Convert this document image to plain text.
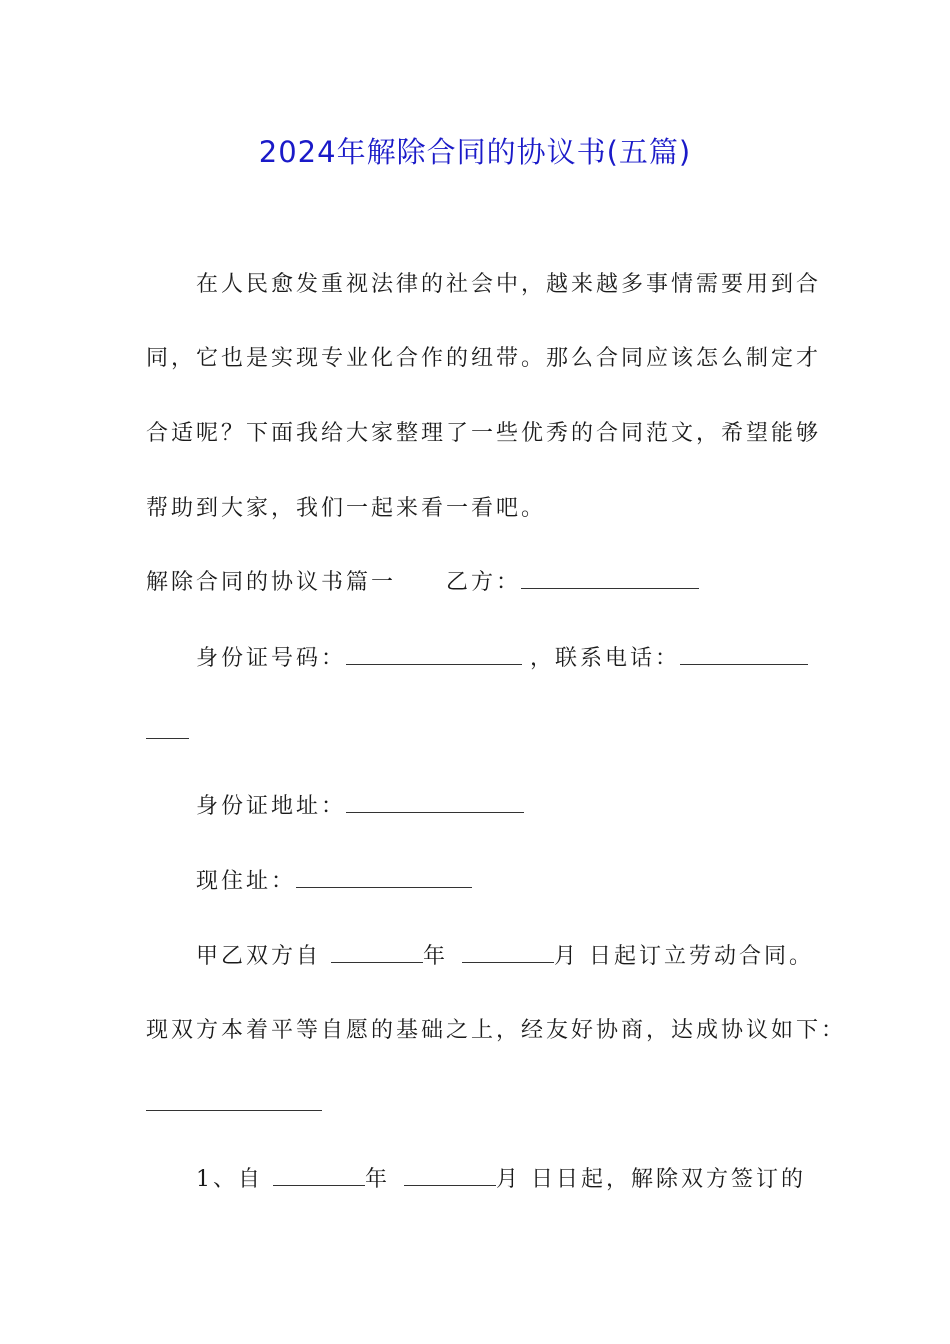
2024年解除合同的协议书(五篇)
在人民愈发重视法律的社会中，越来越多事情需要用到合
同，它也是实现专业化合作的纽带。那么合同应该怎么制定才
合适呢？下面我给大家整理了一些优秀的合同范文，希望能够
帮助到大家，我们一起来看一看吧。
解除合同的协议书篇一 乙方：
身份证号码：	，联系电话：
身份证地址：
现住址：
甲乙双方自	年	月 日起订立劳动合同。
现双方本着平等自愿的基础之上，经友好协商，达成协议如下：
1、自	年	月 日日起，解除双方签订的
